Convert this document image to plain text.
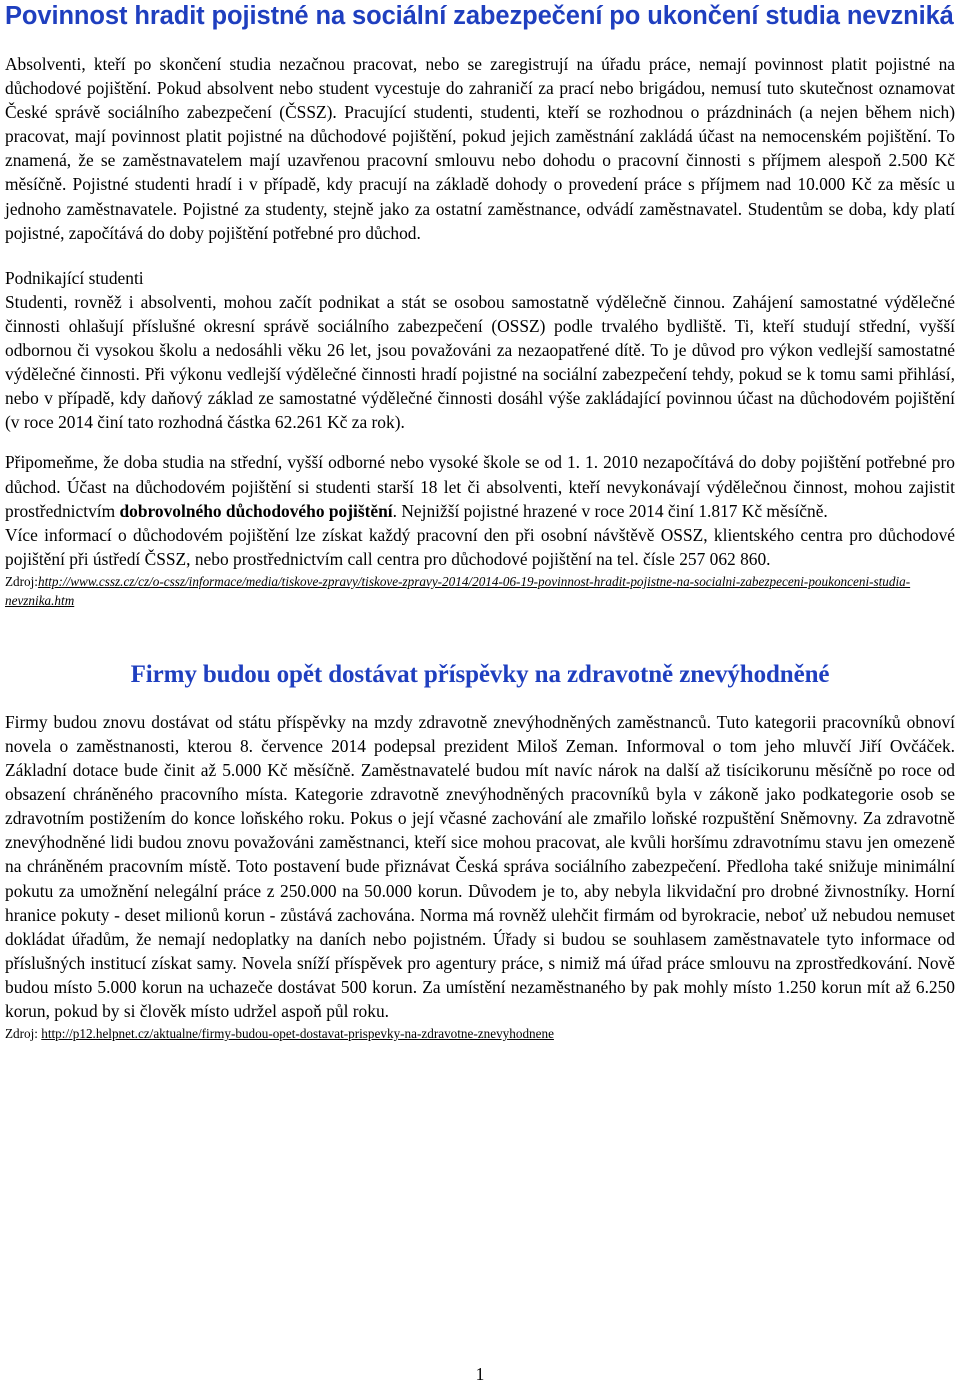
Povinnost hradit pojistné na sociální zabezpečení po ukončení studia nevzniká

Absolventi, kteří po skončení studia nezačnou pracovat, nebo se zaregistrují na úřadu práce, nemají povinnost platit pojistné na důchodové pojištění. Pokud absolvent nebo student vycestuje do zahraničí za prací nebo brigádou, nemusí tuto skutečnost oznamovat České správě sociálního zabezpečení (ČSSZ). Pracující studenti, studenti, kteří se rozhodnou o prázdninách (a nejen během nich) pracovat, mají povinnost platit pojistné na důchodové pojištění, pokud jejich zaměstnání zakládá účast na nemocenském pojištění. To znamená, že se zaměstnavatelem mají uzavřenou pracovní smlouvu nebo dohodu o pracovní činnosti s příjmem alespoň 2.500 Kč měsíčně. Pojistné studenti hradí i v případě, kdy pracují na základě dohody o provedení práce s příjmem nad 10.000 Kč za měsíc u jednoho zaměstnavatele. Pojistné za studenty, stejně jako za ostatní zaměstnance, odvádí zaměstnavatel. Studentům se doba, kdy platí pojistné, započítává do doby pojištění potřebné pro důchod.

Podnikající studenti

Studenti, rovněž i absolventi, mohou začít podnikat a stát se osobou samostatně výdělečně činnou. Zahájení samostatné výdělečné činnosti ohlašují příslušné okresní správě sociálního zabezpečení (OSSZ) podle trvalého bydliště. Ti, kteří studují střední, vyšší odbornou či vysokou školu a nedosáhli věku 26 let, jsou považováni za nezaopatřené dítě. To je důvod pro výkon vedlejší samostatné výdělečné činnosti. Při výkonu vedlejší výdělečné činnosti hradí pojistné na sociální zabezpečení tehdy, pokud se k tomu sami přihlásí, nebo v případě, kdy daňový základ ze samostatné výdělečné činnosti dosáhl výše zakládající povinnou účast na důchodovém pojištění (v roce 2014 činí tato rozhodná částka 62.261 Kč za rok).

Připomeňme, že doba studia na střední, vyšší odborné nebo vysoké škole se od 1. 1. 2010 nezapočítává do doby pojištění potřebné pro důchod. Účast na důchodovém pojištění si studenti starší 18 let či absolventi, kteří nevykonávají výdělečnou činnost, mohou zajistit prostřednictvím dobrovolného důchodového pojištění. Nejnižší pojistné hrazené v roce 2014 činí 1.817 Kč měsíčně.

Více informací o důchodovém pojištění lze získat každý pracovní den při osobní návštěvě OSSZ, klientského centra pro důchodové pojištění při ústředí ČSSZ, nebo prostřednictvím call centra pro důchodové pojištění na tel. čísle 257 062 860.

Zdroj:http://www.cssz.cz/cz/o-cssz/informace/media/tiskove-zpravy/tiskove-zpravy-2014/2014-06-19-povinnost-hradit-pojistne-na-socialni-zabezpeceni-poukonceni-studia-nevznika.htm
Firmy budou opět dostávat příspěvky na zdravotně znevýhodněné

Firmy budou znovu dostávat od státu příspěvky na mzdy zdravotně znevýhodněných zaměstnanců. Tuto kategorii pracovníků obnoví novela o zaměstnanosti, kterou 8. července 2014 podepsal prezident Miloš Zeman. Informoval o tom jeho mluvčí Jiří Ovčáček. Základní dotace bude činit až 5.000 Kč měsíčně. Zaměstnavatelé budou mít navíc nárok na další až tisícikorunu měsíčně po roce od obsazení chráněného pracovního místa. Kategorie zdravotně znevýhodněných pracovníků byla v zákoně jako podkategorie osob se zdravotním postižením do konce loňského roku. Pokus o její včasné zachování ale zmařilo loňské rozpuštění Sněmovny. Za zdravotně znevýhodněné lidi budou znovu považováni zaměstnanci, kteří sice mohou pracovat, ale kvůli horšímu zdravotnímu stavu jen omezeně na chráněném pracovním místě. Toto postavení bude přiznávat Česká správa sociálního zabezpečení. Předloha také snižuje minimální pokutu za umožnění nelegální práce z 250.000 na 50.000 korun. Důvodem je to, aby nebyla likvidační pro drobné živnostníky. Horní hranice pokuty - deset milionů korun - zůstává zachována. Norma má rovněž ulehčit firmám od byrokracie, neboť už nebudou nemuset dokládat úřadům, že nemají nedoplatky na daních nebo pojistném. Úřady si budou se souhlasem zaměstnavatele tyto informace od příslušných institucí získat samy. Novela sníží příspěvek pro agentury práce, s nimiž má úřad práce smlouvu na zprostředkování. Nově budou místo 5.000 korun na uchazeče dostávat 500 korun. Za umístění nezaměstnaného by pak mohly místo 1.250 korun mít až 6.250 korun, pokud by si člověk místo udržel aspoň půl roku.

Zdroj: http://p12.helpnet.cz/aktualne/firmy-budou-opet-dostavat-prispevky-na-zdravotne-znevyhodnene
1
